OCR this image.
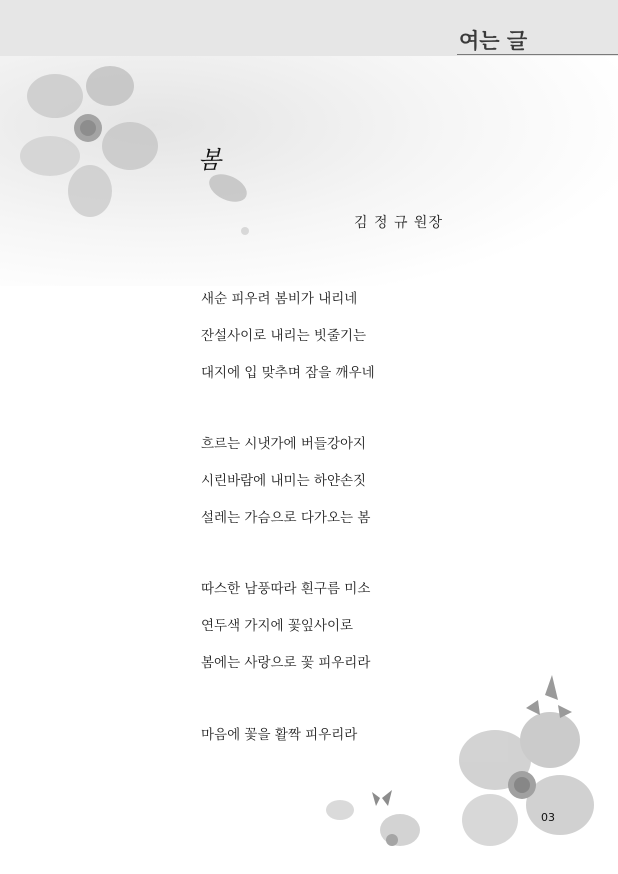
여는 글
봄
김 정 규 원장
새순 피우려 봄비가 내리네
잔설사이로 내리는 빗줄기는
대지에 입 맞추며 잠을 깨우네
흐르는 시냇가에 버들강아지
시린바람에 내미는 하얀손짓
설레는 가슴으로 다가오는 봄
따스한 남풍따라 흰구름 미소
연두색 가지에 꽃잎사이로
봄에는 사랑으로 꽃 피우리라
마음에 꽃을 활짝 피우리라
03
